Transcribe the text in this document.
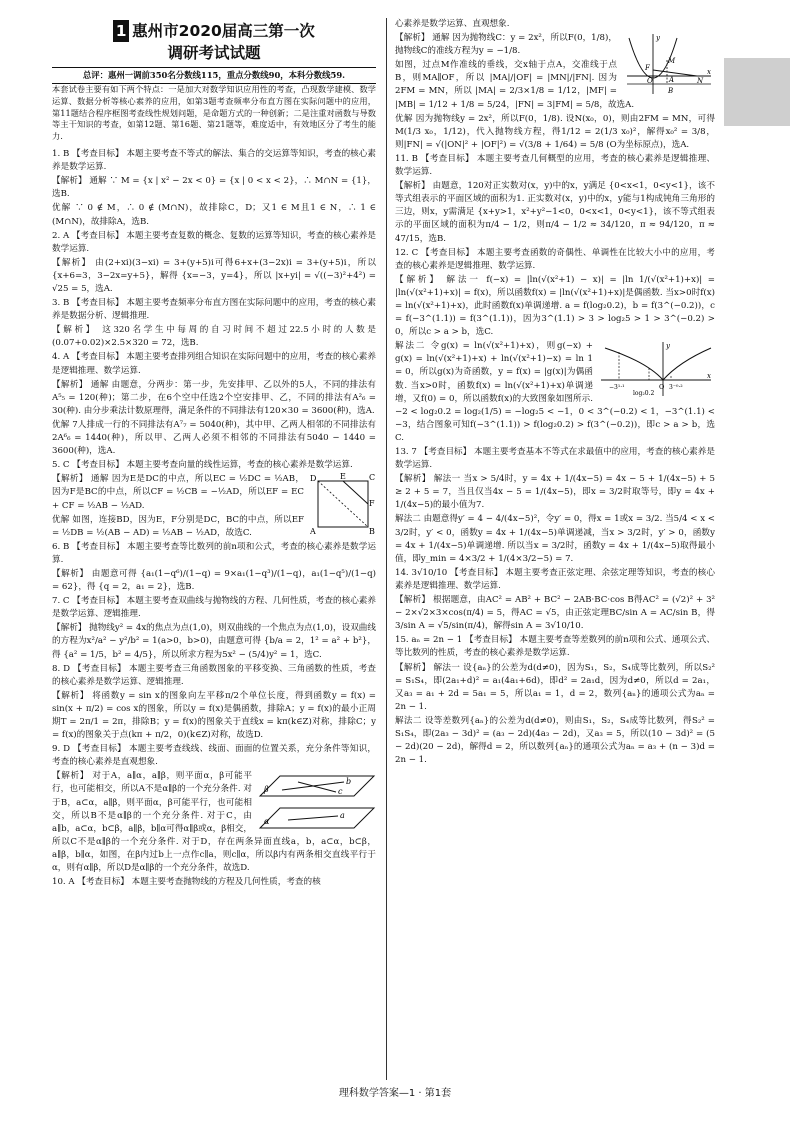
1 惠州市2020届高三第一次
调研考试试题
总评：惠州一调前350名分数线115，重点分数线90，本科分数线59.

本套试卷主要有如下两个特点：一是加大对数学知识应用性的考查，凸现数学建模、数学运算、数据分析等核心素养的应用，如第3题考查频率分布直方图在实际问题中的应用，第11题结合程序框图考查线性规划问题，是命题方式的一种创新；二是注重对函数与导数等主干知识的考查，如第12题、第16题、第21题等，难度适中，有效地区分了考生的能力.

1. B 【考查目标】 本题主要考查不等式的解法、集合的交运算等知识，考查的核心素养是数学运算.

【解析】 通解 ∵ M = {x | x² − 2x < 0} = {x | 0 < x < 2}，∴ M∩N = {1}，选B.

优解 ∵ 0 ∉ M，∴ 0 ∉ (M∩N)，故排除C，D；又1 ∈ M且1 ∈ N，∴ 1 ∈ (M∩N)，故排除A，选B.

2. A 【考查目标】 本题主要考查复数的概念、复数的运算等知识，考查的核心素养是数学运算.

【解析】 由(2+xi)(3−xi) = 3+(y+5)i可得6+x+(3−2x)i = 3+(y+5)i，所以 {x+6=3，3−2x=y+5}，解得 {x=−3，y=4}，所以 |x+yi| = √((−3)²+4²) = √25 = 5，选A.

3. B 【考查目标】 本题主要考查频率分布直方图在实际问题中的应用，考查的核心素养是数据分析、逻辑推理.

【解析】 这320名学生中每周的自习时间不超过22.5小时的人数是(0.07+0.02)×2.5×320 = 72，选B.

4. A 【考查目标】 本题主要考查排列组合知识在实际问题中的应用，考查的核心素养是逻辑推理、数学运算.

【解析】 通解 由题意，分两步：第一步，先安排甲、乙以外的5人，不同的排法有A⁵₅ = 120(种)；第二步，在6个空中任选2个空安排甲、乙，不同的排法有A²₆ = 30(种). 由分步乘法计数原理得，满足条件的不同排法有120×30 = 3600(种)，选A.

优解 7人排成一行的不同排法有A⁷₇ = 5040(种)，其中甲、乙两人相邻的不同排法有2A⁶₆ = 1440(种)，所以甲、乙两人必须不相邻的不同排法有5040 − 1440 = 3600(种)，选A.

5. C 【考查目标】 本题主要考查向量的线性运算，考查的核心素养是数学运算.

D	E	C
F
A	B

【解析】 通解 因为E是DC的中点，所以EC = ½DC = ½AB，因为F是BC的中点，所以CF = ½CB = −½AD，所以EF = EC + CF = ½AB − ½AD.

优解 如图，连接BD，因为E，F分别是DC，BC的中点，所以EF = ½DB = ½(AB − AD) = ½AB − ½AD，故选C.

6. B 【考查目标】 本题主要考查等比数列的前n项和公式，考查的核心素养是数学运算.

【解析】 由题意可得 {a₁(1−q⁶)/(1−q) = 9×a₁(1−q³)/(1−q)，a₁(1−q⁵)/(1−q) = 62}，得 {q = 2，a₁ = 2}，选B.

7. C 【考查目标】 本题主要考查双曲线与抛物线的方程、几何性质，考查的核心素养是数学运算、逻辑推理.

【解析】 抛物线y² = 4x的焦点为点(1,0)，则双曲线的一个焦点为点(1,0)，设双曲线的方程为x²/a² − y²/b² = 1(a>0，b>0)，由题意可得 {b/a = 2，1² = a² + b²}，得 {a² = 1/5，b² = 4/5}，所以所求方程为5x² − (5/4)y² = 1，选C.

8. D 【考查目标】 本题主要考查三角函数图象的平移变换、三角函数的性质，考查的核心素养是数学运算、逻辑推理.

【解析】 将函数y = sin x的图象向左平移π/2个单位长度，得到函数y = f(x) = sin(x + π/2) = cos x的图象，所以y = f(x)是偶函数，排除A；y = f(x)的最小正周期T = 2π/1 = 2π，排除B；y = f(x)的图象关于直线x = kπ(k∈Z)对称，排除C；y = f(x)的图象关于点(kπ + π/2，0)(k∈Z)对称，故选D.

9. D 【考查目标】 本题主要考查线线、线面、面面的位置关系，充分条件等知识，考查的核心素养是直观想象.

β
α
b
c
a

【解析】 对于A，a∥α，a∥β，则平面α，β可能平行，也可能相交，所以A不是α∥β的一个充分条件. 对于B，a⊂α，a∥β，则平面α，β可能平行，也可能相交，所以B不是α∥β的一个充分条件. 对于C，由a∥b，a⊂α，b⊂β，a∥β，b∥α可得α∥β或α，β相交，所以C不是α∥β的一个充分条件. 对于D，存在两条异面直线a，b，a⊂α，b⊂β，a∥β，b∥α，如图，在β内过b上一点作c∥a，则c∥α，所以β内有两条相交直线平行于α，则有α∥β，所以D是α∥β的一个充分条件，故选D.

10. A 【考查目标】 本题主要考查抛物线的方程及几何性质，考查的核

心素养是数学运算、直观想象.

y
x
F
M
A
O	N
B

【解析】 通解 因为抛物线C：y = 2x²，所以F(0，1/8)，抛物线C的准线方程为y = −1/8.

如图，过点M作准线的垂线，交x轴于点A，交准线于点B，则MA∥OF，所以 |MA|/|OF| = |MN|/|FN|. 因为2FM = MN，所以 |MA| = 2/3×1/8 = 1/12，|MF| = |MB| = 1/12 + 1/8 = 5/24，|FN| = 3|FM| = 5/8，故选A.

优解 因为抛物线y = 2x²，所以F(0，1/8). 设N(x₀，0)，则由2FM = MN，可得M(1/3 x₀，1/12)，代入抛物线方程，得1/12 = 2(1/3 x₀)²，解得x₀² = 3/8，则|FN| = √(|ON|² + |OF|²) = √(3/8 + 1/64) = 5/8 (O为坐标原点)，选A.

11. B 【考查目标】 本题主要考查几何概型的应用，考查的核心素养是逻辑推理、数学运算.

【解析】 由题意，120对正实数对(x，y)中的x，y满足 {0<x<1，0<y<1}，该不等式组表示的平面区域的面积为1. 正实数对(x，y)中的x，y能与1构成钝角三角形的三边，则x，y需满足 {x+y>1，x²+y²−1<0，0<x<1，0<y<1}，该不等式组表示的平面区域的面积为π/4 − 1/2，则π/4 − 1/2 ≈ 34/120，π ≈ 94/120，π ≈ 47/15，选B.

12. C 【考查目标】 本题主要考查函数的奇偶性、单调性在比较大小中的应用，考查的核心素养是逻辑推理、数学运算.

【解析】 解法一 f(−x) = |ln(√(x²+1) − x)| = |ln 1/(√(x²+1)+x)| = |ln(√(x²+1)+x)| = f(x)，所以函数f(x) = |ln(√(x²+1)+x)|是偶函数. 当x>0时f(x) = ln(√(x²+1)+x)，此时函数f(x)单调递增. a = f(log₂0.2)，b = f(3^(−0.2))，c = f(−3^(1.1)) = f(3^(1.1))，因为3^(1.1) > 3 > log₂5 > 1 > 3^(−0.2) > 0，所以c > a > b，选C.

y
x
O
−3¹·¹
log₂0.2
3⁻⁰·²

解法二 令g(x) = ln(√(x²+1)+x)，则g(−x) + g(x) = ln(√(x²+1)+x) + ln(√(x²+1)−x) = ln 1 = 0，所以g(x)为奇函数，y = f(x) = |g(x)|为偶函数. 当x>0时，函数f(x) = ln(√(x²+1)+x)单调递增，又f(0) = 0，所以函数f(x)的大致图象如图所示. −2 < log₂0.2 = log₂(1/5) = −log₂5 < −1，0 < 3^(−0.2) < 1，−3^(1.1) < −3，结合图象可知f(−3^(1.1)) > f(log₂0.2) > f(3^(−0.2))，即c > a > b，选C.

13. 7 【考查目标】 本题主要考查基本不等式在求最值中的应用，考查的核心素养是数学运算.

【解析】 解法一 当x > 5/4时，y = 4x + 1/(4x−5) = 4x − 5 + 1/(4x−5) + 5 ≥ 2 + 5 = 7，当且仅当4x − 5 = 1/(4x−5)，即x = 3/2时取等号，即y = 4x + 1/(4x−5)的最小值为7.

解法二 由题意得y′ = 4 − 4/(4x−5)²，令y′ = 0，得x = 1或x = 3/2. 当5/4 < x < 3/2时，y′ < 0，函数y = 4x + 1/(4x−5)单调递减，当x > 3/2时，y′ > 0，函数y = 4x + 1/(4x−5)单调递增. 所以当x = 3/2时，函数y = 4x + 1/(4x−5)取得最小值，即y_min = 4×3/2 + 1/(4×3/2−5) = 7.

14. 3√10/10 【考查目标】 本题主要考查正弦定理、余弦定理等知识，考查的核心素养是逻辑推理、数学运算.

【解析】 根据题意，由AC² = AB² + BC² − 2AB·BC·cos B得AC² = (√2)² + 3² − 2×√2×3×cos(π/4) = 5，得AC = √5，由正弦定理BC/sin A = AC/sin B，得3/sin A = √5/sin(π/4)，解得sin A = 3√10/10.

15. aₙ = 2n − 1 【考查目标】 本题主要考查等差数列的前n项和公式、通项公式、等比数列的性质，考查的核心素养是数学运算.

【解析】 解法一 设{aₙ}的公差为d(d≠0)，因为S₁，S₂，S₄成等比数列，所以S₂² = S₁S₄，即(2a₁+d)² = a₁(4a₁+6d)，即d² = 2a₁d，因为d≠0，所以d = 2a₁，又a₃ = a₁ + 2d = 5a₁ = 5，所以a₁ = 1，d = 2，数列{aₙ}的通项公式为aₙ = 2n − 1.

解法二 设等差数列{aₙ}的公差为d(d≠0)，则由S₁，S₂，S₄成等比数列，得S₂² = S₁S₄，即(2a₃ − 3d)² = (a₃ − 2d)(4a₃ − 2d)，又a₃ = 5，所以(10 − 3d)² = (5 − 2d)(20 − 2d)，解得d = 2，所以数列{aₙ}的通项公式为aₙ = a₃ + (n − 3)d = 2n − 1.

理科数学答案—1 · 第1套
